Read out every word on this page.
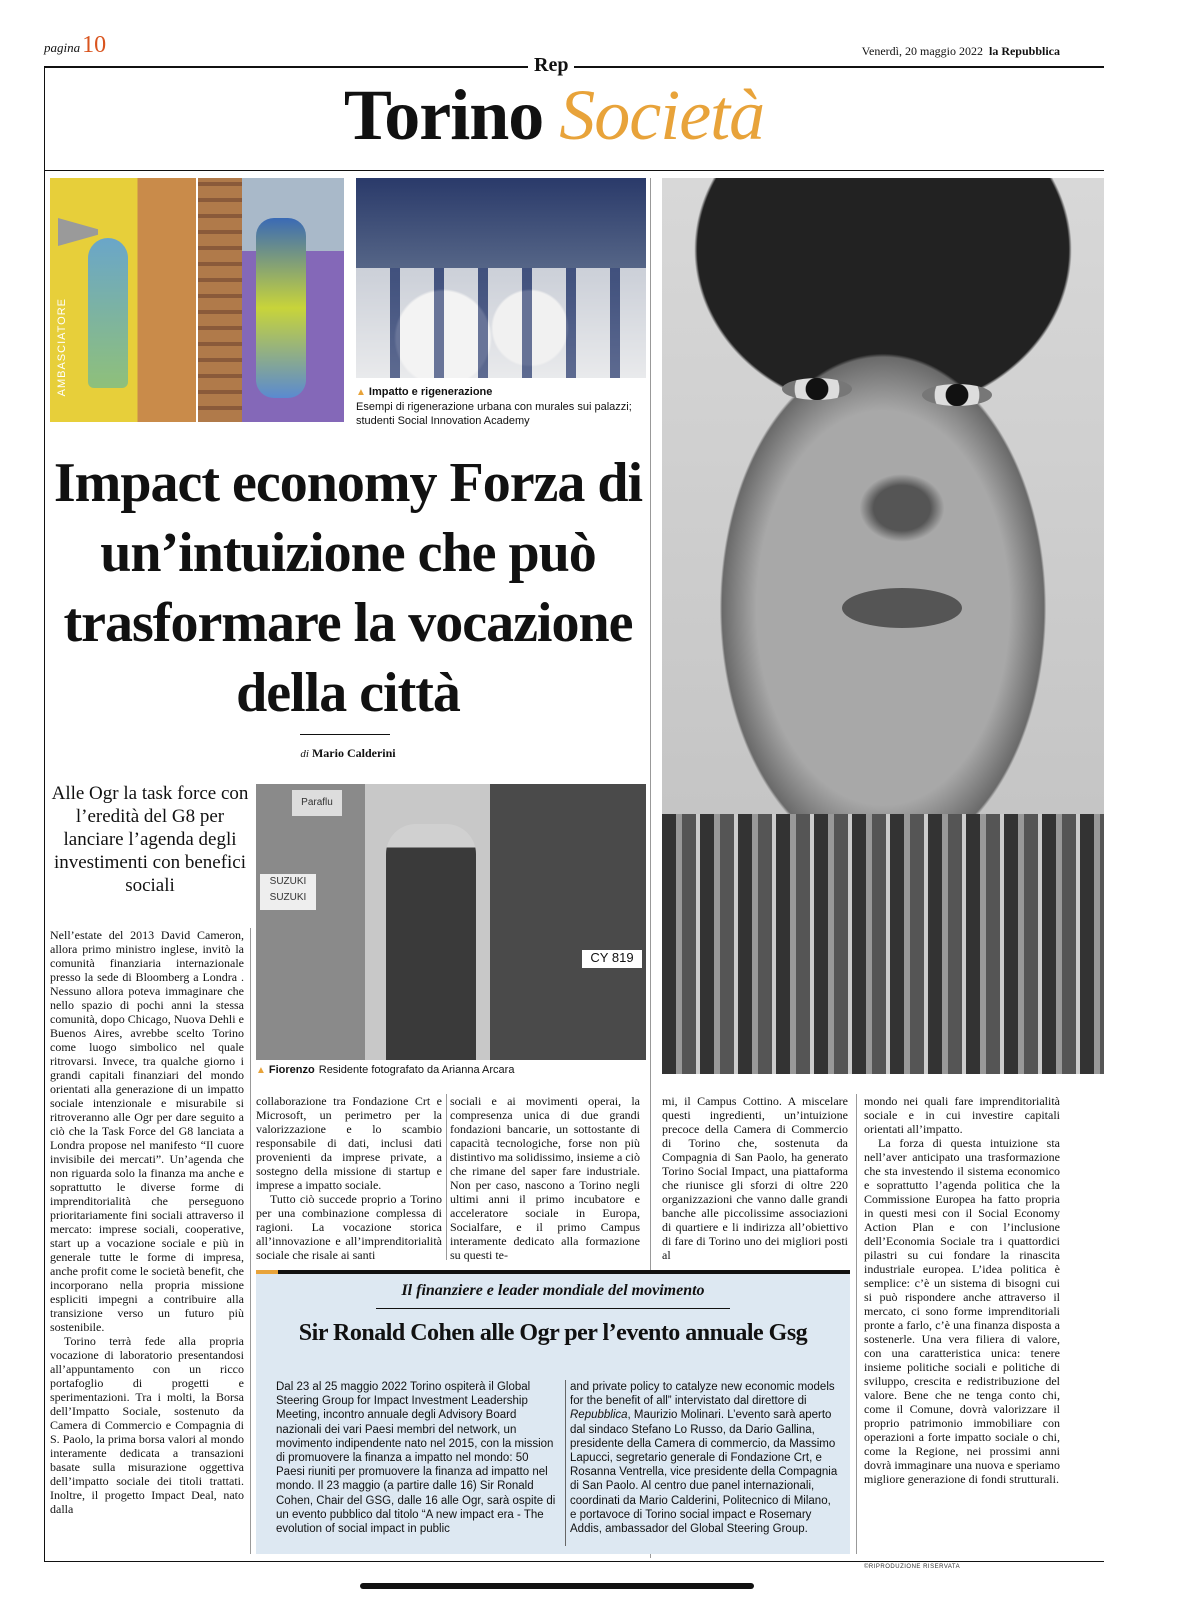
pagina10	Venerdì, 20 maggio 2022 la Repubblica
Rep
Torino Società
AMBASCIATORE	▲ Impatto e rigenerazione
Esempi di rigenerazione urbana con murales sui palazzi; studenti Social Innovation Academy
Impact economy Forza di un’intuizione che può trasformare la vocazione della città
di Mario Calderini
Alle Ogr la task force con l’eredità del G8 per lanciare l’agenda degli investimenti con benefici sociali
Paraflu
SUZUKI SUZUKI
CY 819
▲ Fiorenzo Residente fotografato da Arianna Arcara

Nell’estate del 2013 David Cameron, allora primo ministro inglese, invitò la comunità finanziaria internazionale presso la sede di Bloomberg a Londra . Nessuno allora poteva immaginare che nello spazio di pochi anni la stessa comunità, dopo Chicago, Nuova Dehli e Buenos Aires, avrebbe scelto Torino come luogo simbolico nel quale ritrovarsi. Invece, tra qualche giorno i grandi capitali finanziari del mondo orientati alla generazione di un impatto sociale intenzionale e misurabile si ritroveranno alle Ogr per dare seguito a ciò che la Task Force del G8 lanciata a Londra propose nel manifesto “Il cuore invisibile dei mercati”. Un’agenda che non riguarda solo la finanza ma anche e soprattutto le diverse forme di imprenditorialità che perseguono prioritariamente fini sociali attraverso il mercato: imprese sociali, cooperative, start up a vocazione sociale e più in generale tutte le forme di impresa, anche profit come le società benefit, che incorporano nella propria missione espliciti impegni a contribuire alla transizione verso un futuro più sostenibile.

Torino terrà fede alla propria vocazione di laboratorio presentandosi all’appuntamento con un ricco portafoglio di progetti e sperimentazioni. Tra i molti, la Borsa dell’Impatto Sociale, sostenuto da Camera di Commercio e Compagnia di S. Paolo, la prima borsa valori al mondo interamente dedicata a transazioni basate sulla misurazione oggettiva dell’impatto sociale dei titoli trattati. Inoltre, il progetto Impact Deal, nato dalla

collaborazione tra Fondazione Crt e Microsoft, un perimetro per la valorizzazione e lo scambio responsabile di dati, inclusi dati provenienti da imprese private, a sostegno della missione di startup e imprese a impatto sociale.

Tutto ciò succede proprio a Torino per una combinazione complessa di ragioni. La vocazione storica all’innovazione e all’imprenditorialità sociale che risale ai santi

sociali e ai movimenti operai, la compresenza unica di due grandi fondazioni bancarie, un sottostante di capacità tecnologiche, forse non più distintivo ma solidissimo, insieme a ciò che rimane del saper fare industriale. Non per caso, nascono a Torino negli ultimi anni il primo incubatore e acceleratore sociale in Europa, Socialfare, e il primo Campus interamente dedicato alla formazione su questi te-

mi, il Campus Cottino. A miscelare questi ingredienti, un’intuizione precoce della Camera di Commercio di Torino che, sostenuta da Compagnia di San Paolo, ha generato Torino Social Impact, una piattaforma che riunisce gli sforzi di oltre 220 organizzazioni che vanno dalle grandi banche alle piccolissime associazioni di quartiere e li indirizza all’obiettivo di fare di Torino uno dei migliori posti al

mondo nei quali fare imprenditorialità sociale e in cui investire capitali orientati all’impatto.

La forza di questa intuizione sta nell’aver anticipato una trasformazione che sta investendo il sistema economico e soprattutto l’agenda politica che la Commissione Europea ha fatto propria in questi mesi con il Social Economy Action Plan e con l’inclusione dell’Economia Sociale tra i quattordici pilastri su cui fondare la rinascita industriale europea. L’idea politica è semplice: c’è un sistema di bisogni cui si può rispondere anche attraverso il mercato, ci sono forme imprenditoriali pronte a farlo, c’è una finanza disposta a sostenerle. Una vera filiera di valore, con una caratteristica unica: tenere insieme politiche sociali e politiche di sviluppo, crescita e redistribuzione del valore. Bene che ne tenga conto chi, come il Comune, dovrà valorizzare il proprio patrimonio immobiliare con operazioni a forte impatto sociale o chi, come la Regione, nei prossimi anni dovrà immaginare una nuova e speriamo migliore generazione di fondi strutturali.

Il finanziere e leader mondiale del movimento
Sir Ronald Cohen alle Ogr per l’evento annuale Gsg
Dal 23 al 25 maggio 2022 Torino ospiterà il Global Steering Group for Impact Investment Leadership Meeting, incontro annuale degli Advisory Board nazionali dei vari Paesi membri del network, un movimento indipendente nato nel 2015, con la mission di promuovere la finanza a impatto nel mondo: 50 Paesi riuniti per promuovere la finanza ad impatto nel mondo. Il 23 maggio (a partire dalle 16) Sir Ronald Cohen, Chair del GSG, dalle 16 alle Ogr, sarà ospite di un evento pubblico dal titolo “A new impact era - The evolution of social impact in public
and private policy to catalyze new economic models for the benefit of all” intervistato dal direttore di Repubblica, Maurizio Molinari. L’evento sarà aperto dal sindaco Stefano Lo Russo, da Dario Gallina, presidente della Camera di commercio, da Massimo Lapucci, segretario generale di Fondazione Crt, e Rosanna Ventrella, vice presidente della Compagnia di San Paolo. Al centro due panel internazionali, coordinati da Mario Calderini, Politecnico di Milano, e portavoce di Torino social impact e Rosemary Addis, ambassador del Global Steering Group.
©RIPRODUZIONE RISERVATA
